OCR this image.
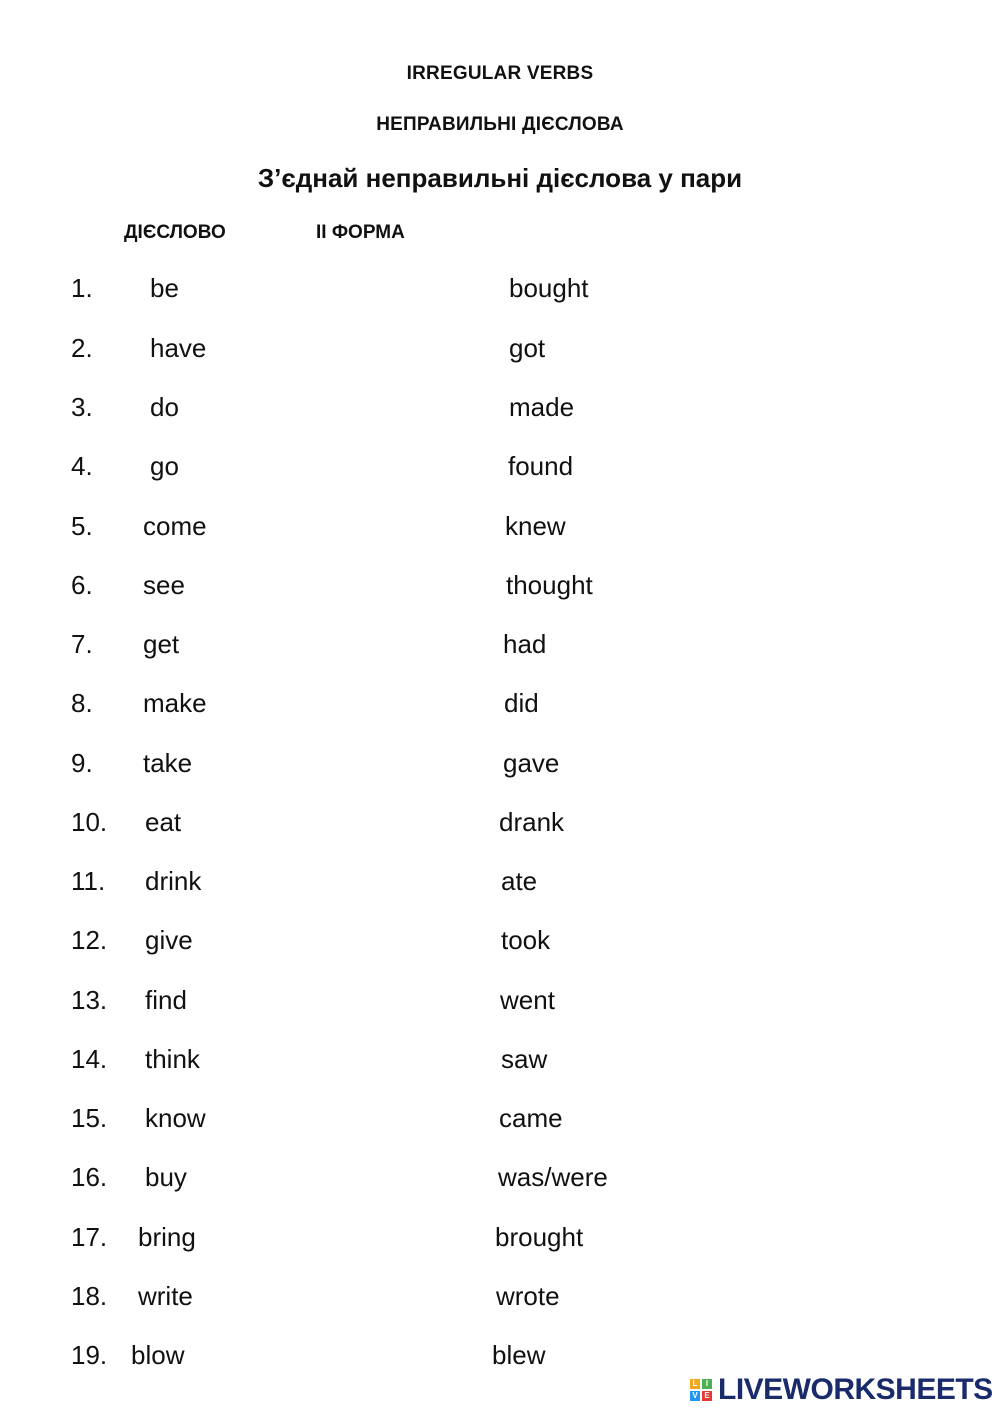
IRREGULAR VERBS
НЕПРАВИЛЬНІ ДІЄСЛОВА
З’єднай неправильні дієслова у пари
ДІЄСЛОВО	II ФОРМА
1. be	bought
2. have	got
3. do	made
4. go	found
5. come	knew
6. see	thought
7. get	had
8. make	did
9. take	gave
10. eat	drank
11. drink	ate
12. give	took
13. find	went
14. think	saw
15. know	came
16. buy	was/were
17. bring	brought
18. write	wrote
19. blow	blew
L	I
V E LIVEWORKSHEETS
